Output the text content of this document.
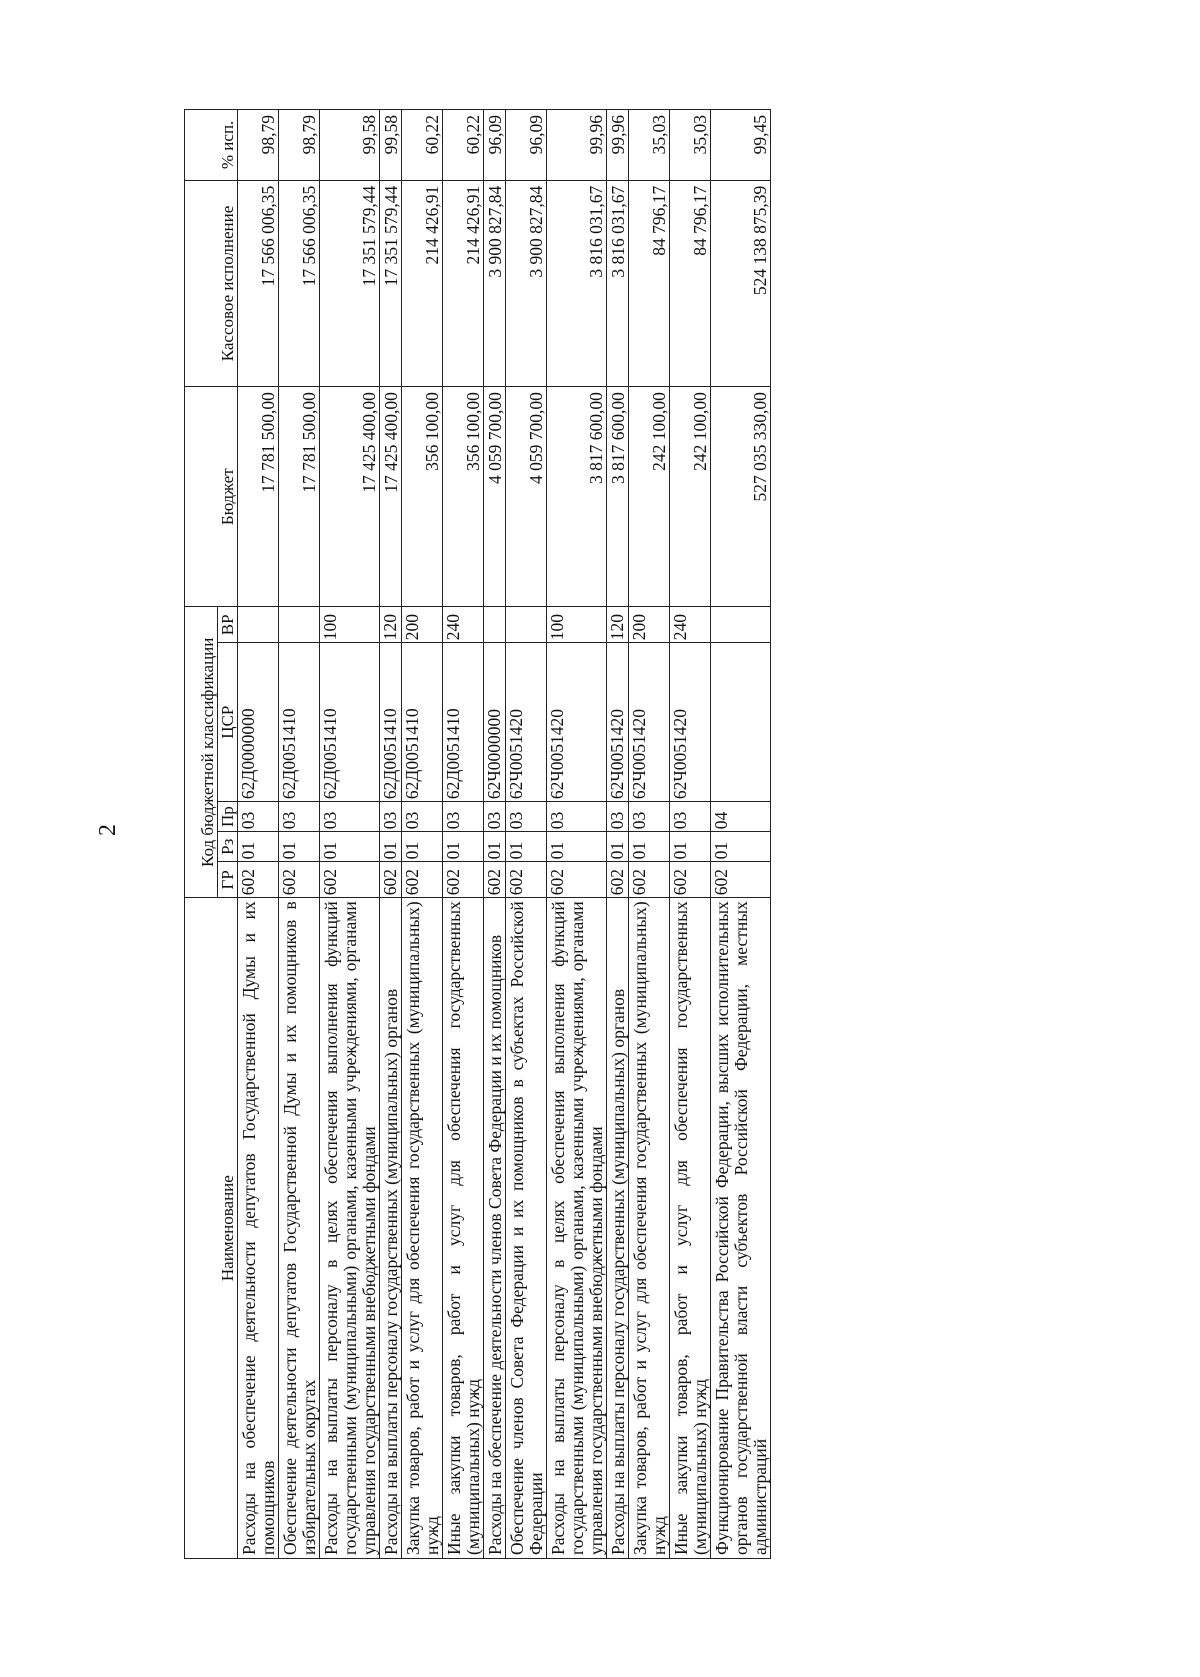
2
Наименование	Код бюджетной классификации					Бюджет	Кассовое исполнение	% исп.

	ГР	Рз	Пр	ЦСР	ВР			
Расходы на обеспечение деятельности депутатов Государственной Думы и их помощников	602	01	03	62Д0000000		17 781 500,00	17 566 006,35	98,79
Обеспечение деятельности депутатов Государственной Думы и их помощников в избирательных округах	602	01	03	62Д0051410		17 781 500,00	17 566 006,35	98,79
Расходы на выплаты персоналу в целях обеспечения выполнения функций государственными (муниципальными) органами, казенными учреждениями, органами управления государственными внебюджетными фондами	602	01	03	62Д0051410	100	17 425 400,00	17 351 579,44	99,58
Расходы на выплаты персоналу государственных (муниципальных) органов	602	01	03	62Д0051410	120	17 425 400,00	17 351 579,44	99,58
Закупка товаров, работ и услуг для обеспечения государственных (муниципальных) нужд	602	01	03	62Д0051410	200	356 100,00	214 426,91	60,22
Иные закупки товаров, работ и услуг для обеспечения государственных (муниципальных) нужд	602	01	03	62Д0051410	240	356 100,00	214 426,91	60,22
Расходы на обеспечение деятельности членов Совета Федерации и их помощников	602	01	03	62Ч0000000		4 059 700,00	3 900 827,84	96,09
Обеспечение членов Совета Федерации и их помощников в субъектах Российской Федерации	602	01	03	62Ч0051420		4 059 700,00	3 900 827,84	96,09
Расходы на выплаты персоналу в целях обеспечения выполнения функций государственными (муниципальными) органами, казенными учреждениями, органами управления государственными внебюджетными фондами	602	01	03	62Ч0051420	100	3 817 600,00	3 816 031,67	99,96
Расходы на выплаты персоналу государственных (муниципальных) органов	602	01	03	62Ч0051420	120	3 817 600,00	3 816 031,67	99,96
Закупка товаров, работ и услуг для обеспечения государственных (муниципальных) нужд	602	01	03	62Ч0051420	200	242 100,00	84 796,17	35,03
Иные закупки товаров, работ и услуг для обеспечения государственных (муниципальных) нужд	602	01	03	62Ч0051420	240	242 100,00	84 796,17	35,03
Функционирование Правительства Российской Федерации, высших исполнительных органов государственной власти субъектов Российской Федерации, местных администраций	602	01	04			527 035 330,00	524 138 875,39	99,45
